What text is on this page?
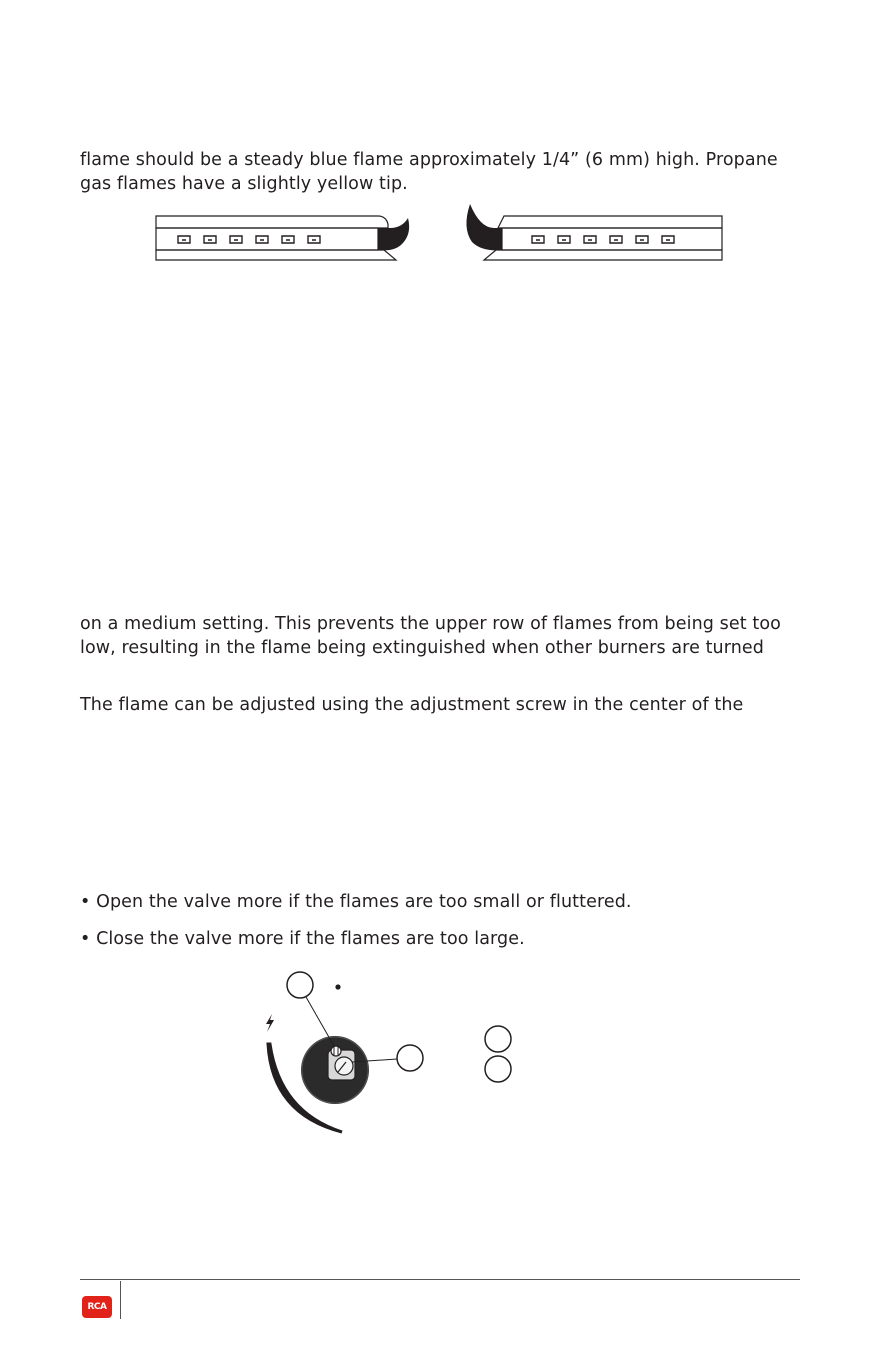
flame should be a steady blue flame approximately 1/4” (6 mm) high. Propane
gas flames have a slightly yellow tip.
on a medium setting. This prevents the upper row of flames from being set too
low, resulting in the flame being extinguished when other burners are turned
The flame can be adjusted using the adjustment screw in the center of the
• Open the valve more if the flames are too small or fluttered.
• Close the valve more if the flames are too large.
RCA
